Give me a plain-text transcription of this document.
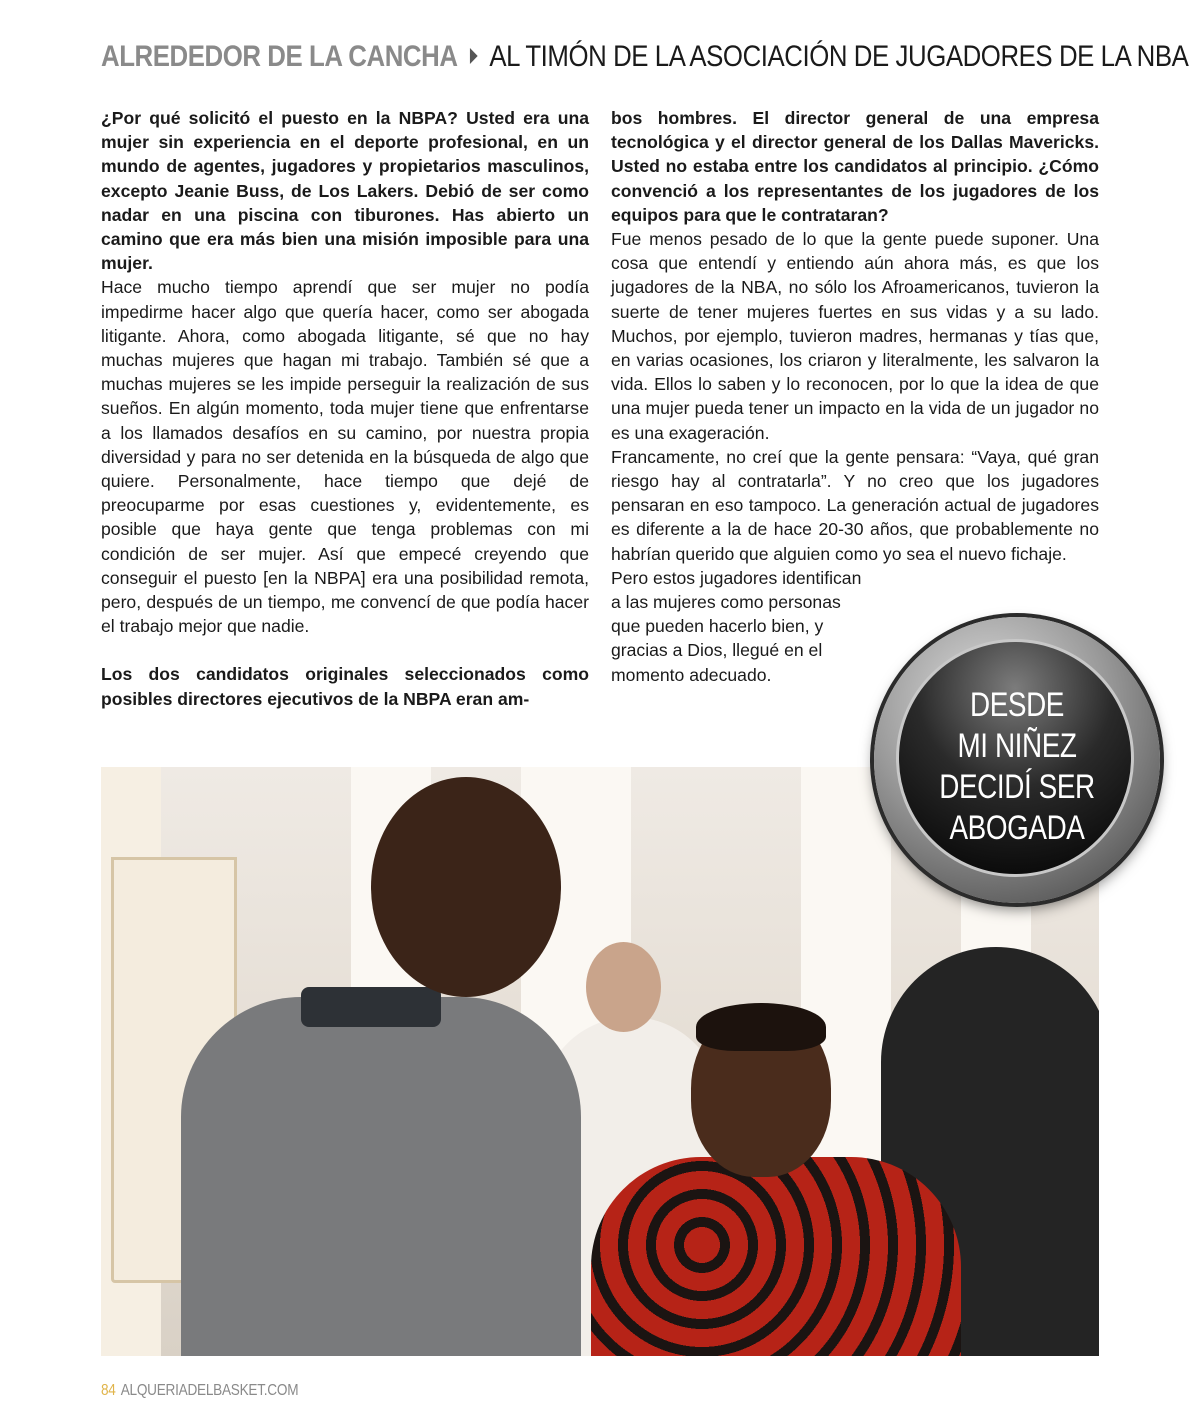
ALREDEDOR DE LA CANCHA AL TIMÓN DE LA ASOCIACIÓN DE JUGADORES DE LA NBA

¿Por qué solicitó el puesto en la NBPA? Usted era una mujer sin experiencia en el deporte profesional, en un mundo de agentes, jugadores y propietarios masculinos, excepto Jeanie Buss, de Los Lakers. Debió de ser como nadar en una piscina con tiburones. Has abierto un camino que era más bien una misión imposible para una mujer.

Hace mucho tiempo aprendí que ser mujer no podía impedirme hacer algo que quería hacer, como ser abogada litigante. Ahora, como abogada litigante, sé que no hay muchas mujeres que hagan mi trabajo. También sé que a muchas mujeres se les impide perseguir la realización de sus sueños. En algún momento, toda mujer tiene que enfrentarse a los llamados desafíos en su camino, por nuestra propia diversidad y para no ser detenida en la búsqueda de algo que quiere. Personalmente, hace tiempo que dejé de preocuparme por esas cuestiones y, evidentemente, es posible que haya gente que tenga problemas con mi condición de ser mujer. Así que empecé creyendo que conseguir el puesto [en la NBPA] era una posibilidad remota, pero, después de un tiempo, me convencí de que podía hacer el trabajo mejor que nadie.

Los dos candidatos originales seleccionados como posibles directores ejecutivos de la NBPA eran am-

bos hombres. El director general de una empresa tecnológica y el director general de los Dallas Mavericks. Usted no estaba entre los candidatos al principio. ¿Cómo convenció a los representantes de los jugadores de los equipos para que le contrataran?

Fue menos pesado de lo que la gente puede suponer. Una cosa que entendí y entiendo aún ahora más, es que los jugadores de la NBA, no sólo los Afroamericanos, tuvieron la suerte de tener mujeres fuertes en sus vidas y a su lado. Muchos, por ejemplo, tuvieron madres, hermanas y tías que, en varias ocasiones, los criaron y literalmente, les salvaron la vida. Ellos lo saben y lo reconocen, por lo que la idea de que una mujer pueda tener un impacto en la vida de un jugador no es una exageración.

Francamente, no creí que la gente pensara: “Vaya, qué gran riesgo hay al contratarla”. Y no creo que los jugadores pensaran en eso tampoco. La generación actual de jugadores es diferente a la de hace 20-30 años, que probablemente no habrían querido que alguien como yo sea el nuevo fichaje.

Pero estos jugadores identifican
a las mujeres como personas
que pueden hacerlo bien, y
gracias a Dios, llegué en el
momento adecuado.
DESDE
MI NIÑEZ
DECIDÍ SER
ABOGADA
84 ALQUERIADELBASKET.COM
